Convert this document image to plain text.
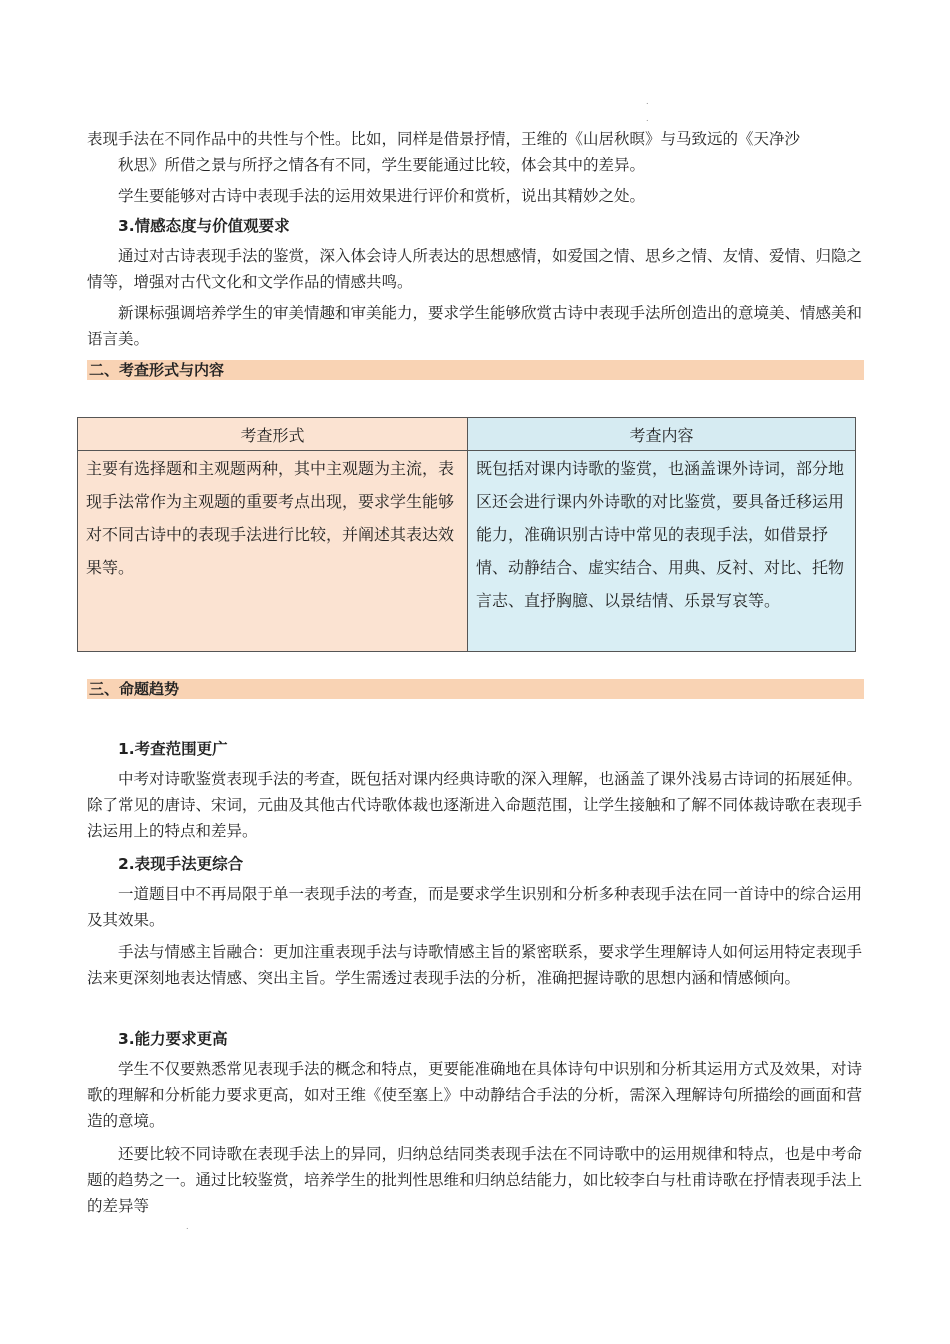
.
.

表现手法在不同作品中的共性与个性。比如，同样是借景抒情，王维的《山居秋暝》与马致远的《天净沙

秋思》所借之景与所抒之情各有不同，学生要能通过比较，体会其中的差异。

学生要能够对古诗中表现手法的运用效果进行评价和赏析，说出其精妙之处。

3.情感态度与价值观要求

通过对古诗表现手法的鉴赏，深入体会诗人所表达的思想感情，如爱国之情、思乡之情、友情、爱情、归隐之情等，增强对古代文化和文学作品的情感共鸣。

新课标强调培养学生的审美情趣和审美能力，要求学生能够欣赏古诗中表现手法所创造出的意境美、情感美和语言美。

二、考查形式与内容
考查形式	考查内容
主要有选择题和主观题两种，其中主观题为主流，表现手法常作为主观题的重要考点出现，要求学生能够对不同古诗中的表现手法进行比较，并阐述其表达效果等。	既包括对课内诗歌的鉴赏，也涵盖课外诗词，部分地区还会进行课内外诗歌的对比鉴赏，要具备迁移运用能力，准确识别古诗中常见的表现手法，如借景抒情、动静结合、虚实结合、用典、反衬、对比、托物言志、直抒胸臆、以景结情、乐景写哀等。
三、命题趋势

1.考查范围更广

中考对诗歌鉴赏表现手法的考查，既包括对课内经典诗歌的深入理解，也涵盖了课外浅易古诗词的拓展延伸。除了常见的唐诗、宋词，元曲及其他古代诗歌体裁也逐渐进入命题范围，让学生接触和了解不同体裁诗歌在表现手法运用上的特点和差异。

2.表现手法更综合

一道题目中不再局限于单一表现手法的考查，而是要求学生识别和分析多种表现手法在同一首诗中的综合运用及其效果。

手法与情感主旨融合：更加注重表现手法与诗歌情感主旨的紧密联系，要求学生理解诗人如何运用特定表现手法来更深刻地表达情感、突出主旨。学生需透过表现手法的分析，准确把握诗歌的思想内涵和情感倾向。

3.能力要求更高

学生不仅要熟悉常见表现手法的概念和特点，更要能准确地在具体诗句中识别和分析其运用方式及效果，对诗歌的理解和分析能力要求更高，如对王维《使至塞上》中动静结合手法的分析，需深入理解诗句所描绘的画面和营造的意境。

还要比较不同诗歌在表现手法上的异同，归纳总结同类表现手法在不同诗歌中的运用规律和特点，也是中考命题的趋势之一。通过比较鉴赏，培养学生的批判性思维和归纳总结能力，如比较李白与杜甫诗歌在抒情表现手法上的差异等

.
